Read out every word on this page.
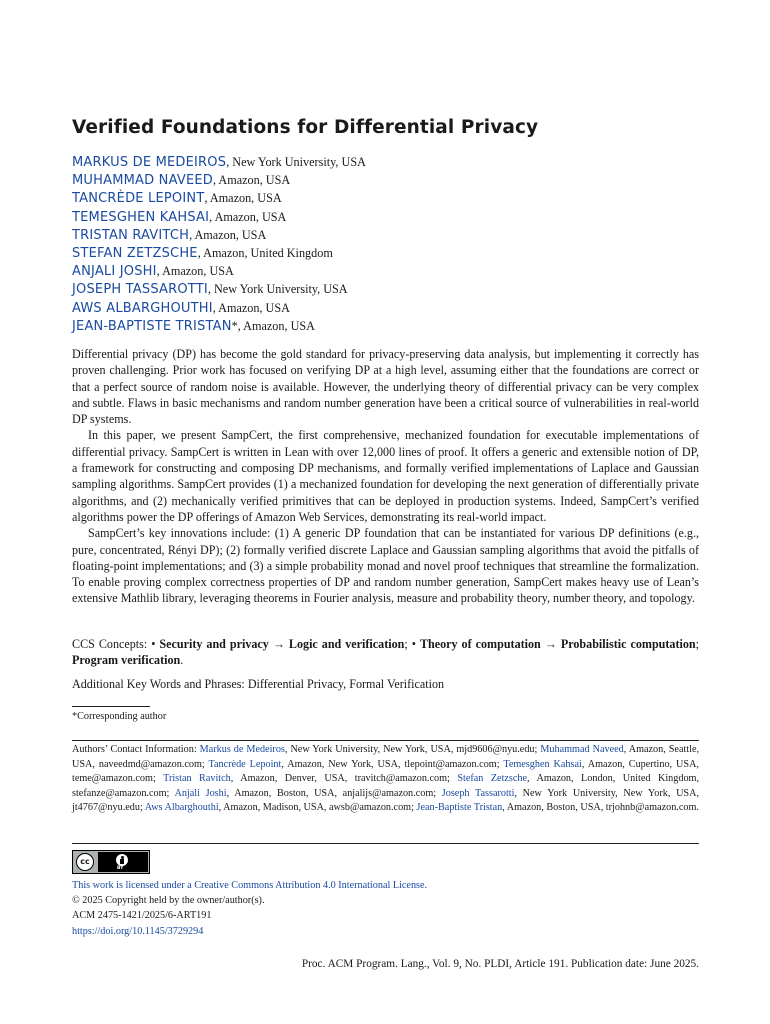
Verified Foundations for Differential Privacy
MARKUS DE MEDEIROS, New York University, USA
MUHAMMAD NAVEED, Amazon, USA
TANCRÈDE LEPOINT, Amazon, USA
TEMESGHEN KAHSAI, Amazon, USA
TRISTAN RAVITCH, Amazon, USA
STEFAN ZETZSCHE, Amazon, United Kingdom
ANJALI JOSHI, Amazon, USA
JOSEPH TASSAROTTI, New York University, USA
AWS ALBARGHOUTHI, Amazon, USA
JEAN-BAPTISTE TRISTAN*, Amazon, USA

Differential privacy (DP) has become the gold standard for privacy-preserving data analysis, but implementing it correctly has proven challenging. Prior work has focused on verifying DP at a high level, assuming either that the foundations are correct or that a perfect source of random noise is available. However, the underlying theory of differential privacy can be very complex and subtle. Flaws in basic mechanisms and random number generation have been a critical source of vulnerabilities in real-world DP systems.

In this paper, we present SampCert, the first comprehensive, mechanized foundation for executable implementations of differential privacy. SampCert is written in Lean with over 12,000 lines of proof. It offers a generic and extensible notion of DP, a framework for constructing and composing DP mechanisms, and formally verified implementations of Laplace and Gaussian sampling algorithms. SampCert provides (1) a mechanized foundation for developing the next generation of differentially private algorithms, and (2) mechanically verified primitives that can be deployed in production systems. Indeed, SampCert’s verified algorithms power the DP offerings of Amazon Web Services, demonstrating its real-world impact.

SampCert’s key innovations include: (1) A generic DP foundation that can be instantiated for various DP definitions (e.g., pure, concentrated, Rényi DP); (2) formally verified discrete Laplace and Gaussian sampling algorithms that avoid the pitfalls of floating-point implementations; and (3) a simple probability monad and novel proof techniques that streamline the formalization. To enable proving complex correctness properties of DP and random number generation, SampCert makes heavy use of Lean’s extensive Mathlib library, leveraging theorems in Fourier analysis, measure and probability theory, number theory, and topology.

CCS Concepts: • Security and privacy → Logic and verification; • Theory of computation → Probabilistic computation; Program verification.
Additional Key Words and Phrases: Differential Privacy, Formal Verification
*Corresponding author
Authors’ Contact Information: Markus de Medeiros, New York University, New York, USA, mjd9606@nyu.edu; Muhammad Naveed, Amazon, Seattle, USA, naveedmd@amazon.com; Tancrède Lepoint, Amazon, New York, USA, tlepoint@amazon.com; Temesghen Kahsai, Amazon, Cupertino, USA, teme@amazon.com; Tristan Ravitch, Amazon, Denver, USA, travitch@amazon.com; Stefan Zetzsche, Amazon, London, United Kingdom, stefanze@amazon.com; Anjali Joshi, Amazon, Boston, USA, anjalijs@amazon.com; Joseph Tassarotti, New York University, New York, USA, jt4767@nyu.edu; Aws Albarghouthi, Amazon, Madison, USA, awsb@amazon.com; Jean-Baptiste Tristan, Amazon, Boston, USA, trjohnb@amazon.com.
cc
BY
This work is licensed under a Creative Commons Attribution 4.0 International License.
© 2025 Copyright held by the owner/author(s).
ACM 2475-1421/2025/6-ART191
https://doi.org/10.1145/3729294
Proc. ACM Program. Lang., Vol. 9, No. PLDI, Article 191. Publication date: June 2025.
